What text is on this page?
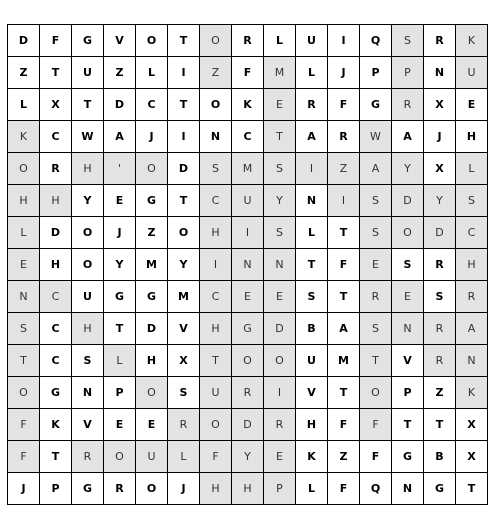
D	F	G	V	O	T	O	R	L	U	I	Q	S	R	K
Z	T	U	Z	L	I	Z	F	M	L	J	P	P	N	U
L	X	T	D	C	T	O	K	E	R	F	G	R	X	E
K	C	W	A	J	I	N	C	T	A	R	W	A	J	H
O	R	H	'	O	D	S	M	S	I	Z	A	Y	X	L
H	H	Y	E	G	T	C	U	Y	N	I	S	D	Y	S
L	D	O	J	Z	O	H	I	S	L	T	S	O	D	C
E	H	O	Y	M	Y	I	N	N	T	F	E	S	R	H
N	C	U	G	G	M	C	E	E	S	T	R	E	S	R
S	C	H	T	D	V	H	G	D	B	A	S	N	R	A
T	C	S	L	H	X	T	O	O	U	M	T	V	R	N
O	G	N	P	O	S	U	R	I	V	T	O	P	Z	K
F	K	V	E	E	R	O	D	R	H	F	F	T	T	X
F	T	R	O	U	L	F	Y	E	K	Z	F	G	B	X
J	P	G	R	O	J	H	H	P	L	F	Q	N	G	T
